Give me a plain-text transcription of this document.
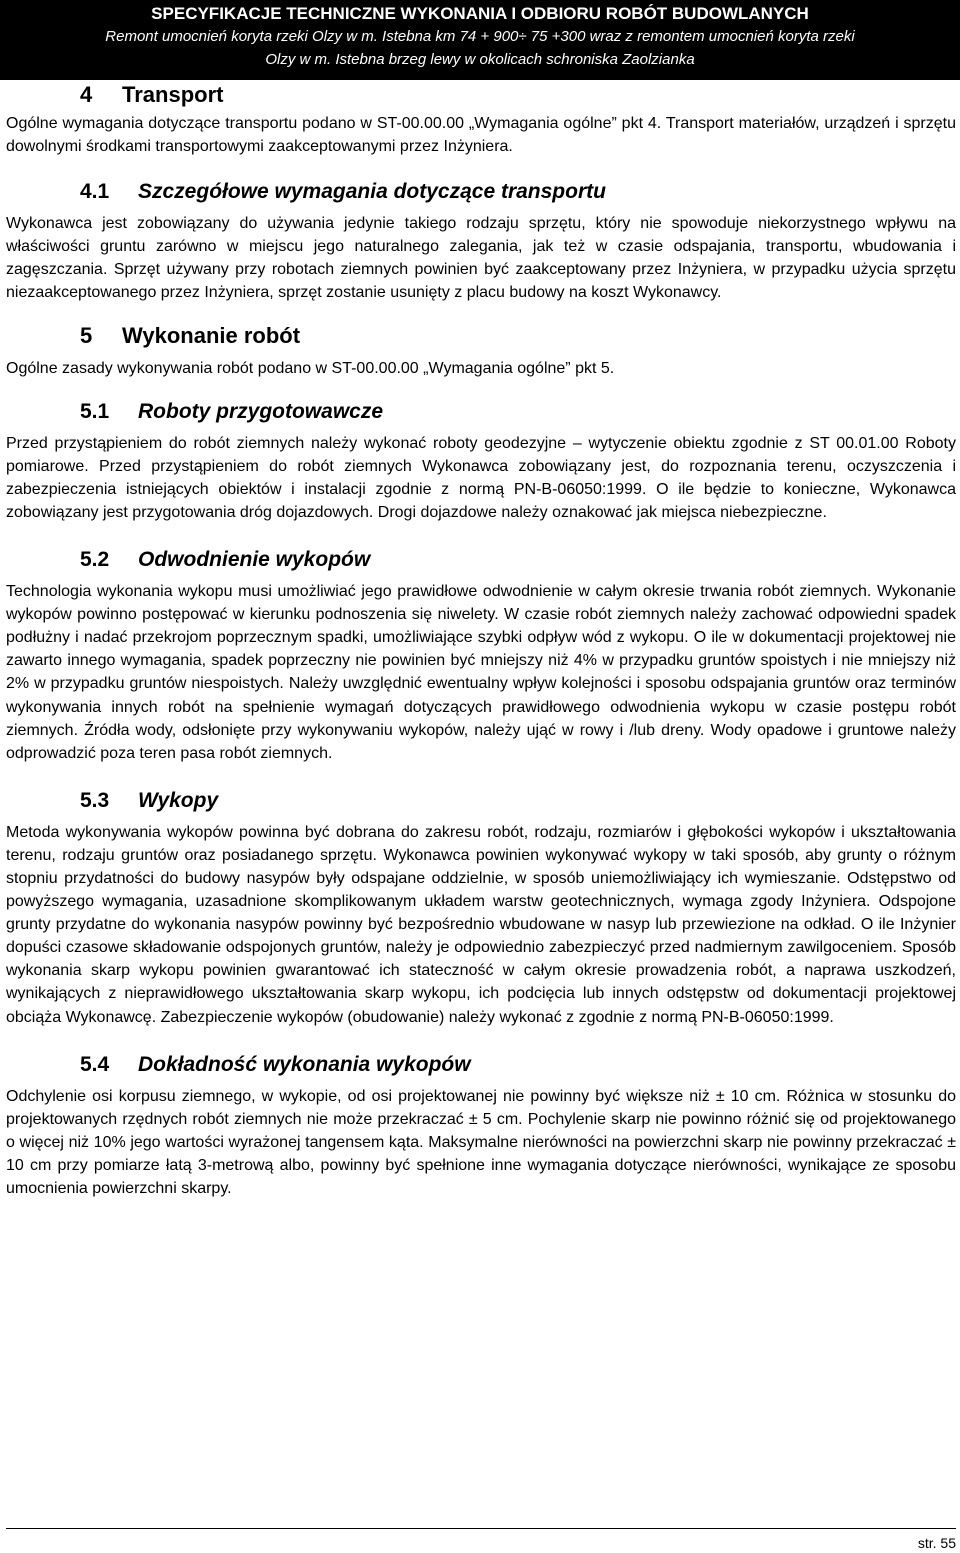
SPECYFIKACJE TECHNICZNE WYKONANIA I ODBIORU ROBÓT BUDOWLANYCH
Remont umocnień koryta rzeki Olzy w m. Istebna km 74 + 900÷ 75 +300 wraz z remontem umocnień koryta rzeki
Olzy w m. Istebna brzeg lewy w okolicach schroniska Zaolzianka
4 Transport

Ogólne wymagania dotyczące transportu podano w ST-00.00.00 „Wymagania ogólne” pkt 4. Transport materiałów, urządzeń i sprzętu dowolnymi środkami transportowymi zaakceptowanymi przez Inżyniera.

4.1 Szczegółowe wymagania dotyczące transportu

Wykonawca jest zobowiązany do używania jedynie takiego rodzaju sprzętu, który nie spowoduje niekorzystnego wpływu na właściwości gruntu zarówno w miejscu jego naturalnego zalegania, jak też w czasie odspajania, transportu, wbudowania i zagęszczania. Sprzęt używany przy robotach ziemnych powinien być zaakceptowany przez Inżyniera, w przypadku użycia sprzętu niezaakceptowanego przez Inżyniera, sprzęt zostanie usunięty z placu budowy na koszt Wykonawcy.

5 Wykonanie robót

Ogólne zasady wykonywania robót podano w ST-00.00.00 „Wymagania ogólne” pkt 5.

5.1 Roboty przygotowawcze

Przed przystąpieniem do robót ziemnych należy wykonać roboty geodezyjne – wytyczenie obiektu zgodnie z ST 00.01.00 Roboty pomiarowe. Przed przystąpieniem do robót ziemnych Wykonawca zobowiązany jest, do rozpoznania terenu, oczyszczenia i zabezpieczenia istniejących obiektów i instalacji zgodnie z normą PN-B-06050:1999. O ile będzie to konieczne, Wykonawca zobowiązany jest przygotowania dróg dojazdowych. Drogi dojazdowe należy oznakować jak miejsca niebezpieczne.

5.2 Odwodnienie wykopów

Technologia wykonania wykopu musi umożliwiać jego prawidłowe odwodnienie w całym okresie trwania robót ziemnych. Wykonanie wykopów powinno postępować w kierunku podnoszenia się niwelety. W czasie robót ziemnych należy zachować odpowiedni spadek podłużny i nadać przekrojom poprzecznym spadki, umożliwiające szybki odpływ wód z wykopu. O ile w dokumentacji projektowej nie zawarto innego wymagania, spadek poprzeczny nie powinien być mniejszy niż 4% w przypadku gruntów spoistych i nie mniejszy niż 2% w przypadku gruntów niespoistych. Należy uwzględnić ewentualny wpływ kolejności i sposobu odspajania gruntów oraz terminów wykonywania innych robót na spełnienie wymagań dotyczących prawidłowego odwodnienia wykopu w czasie postępu robót ziemnych. Źródła wody, odsłonięte przy wykonywaniu wykopów, należy ująć w rowy i /lub dreny. Wody opadowe i gruntowe należy odprowadzić poza teren pasa robót ziemnych.

5.3 Wykopy

Metoda wykonywania wykopów powinna być dobrana do zakresu robót, rodzaju, rozmiarów i głębokości wykopów i ukształtowania terenu, rodzaju gruntów oraz posiadanego sprzętu. Wykonawca powinien wykonywać wykopy w taki sposób, aby grunty o różnym stopniu przydatności do budowy nasypów były odspajane oddzielnie, w sposób uniemożliwiający ich wymieszanie. Odstępstwo od powyższego wymagania, uzasadnione skomplikowanym układem warstw geotechnicznych, wymaga zgody Inżyniera. Odspojone grunty przydatne do wykonania nasypów powinny być bezpośrednio wbudowane w nasyp lub przewiezione na odkład. O ile Inżynier dopuści czasowe składowanie odspojonych gruntów, należy je odpowiednio zabezpieczyć przed nadmiernym zawilgoceniem. Sposób wykonania skarp wykopu powinien gwarantować ich stateczność w całym okresie prowadzenia robót, a naprawa uszkodzeń, wynikających z nieprawidłowego ukształtowania skarp wykopu, ich podcięcia lub innych odstępstw od dokumentacji projektowej obciąża Wykonawcę. Zabezpieczenie wykopów (obudowanie) należy wykonać z zgodnie z normą PN-B-06050:1999.

5.4 Dokładność wykonania wykopów

Odchylenie osi korpusu ziemnego, w wykopie, od osi projektowanej nie powinny być większe niż ± 10 cm. Różnica w stosunku do projektowanych rzędnych robót ziemnych nie może przekraczać ± 5 cm. Pochylenie skarp nie powinno różnić się od projektowanego o więcej niż 10% jego wartości wyrażonej tangensem kąta. Maksymalne nierówności na powierzchni skarp nie powinny przekraczać ± 10 cm przy pomiarze łatą 3-metrową albo, powinny być spełnione inne wymagania dotyczące nierówności, wynikające ze sposobu umocnienia powierzchni skarpy.

str. 55
